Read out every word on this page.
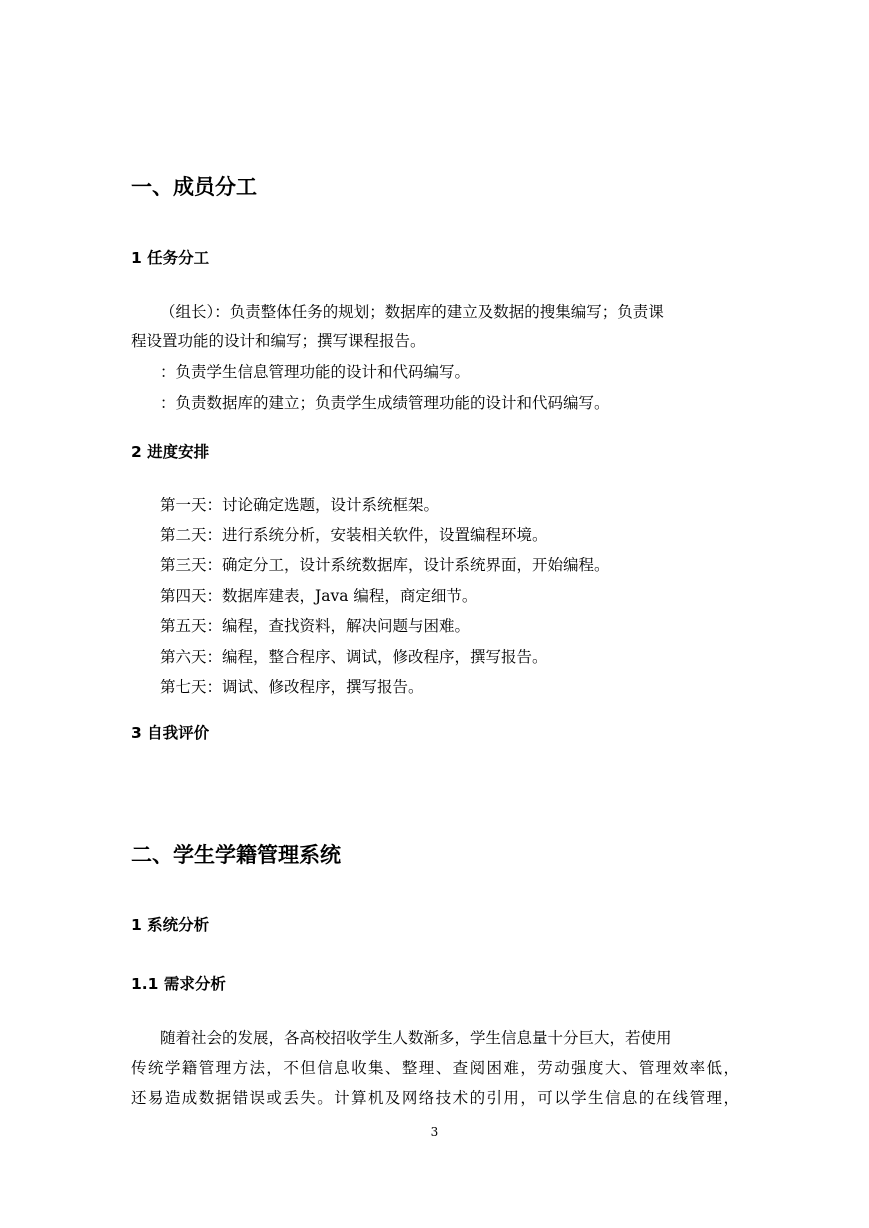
一、成员分工
1 任务分工

（组长）：负责整体任务的规划；数据库的建立及数据的搜集编写；负责课

程设置功能的设计和编写；撰写课程报告。

：负责学生信息管理功能的设计和代码编写。

：负责数据库的建立；负责学生成绩管理功能的设计和代码编写。

2 进度安排

第一天：讨论确定选题，设计系统框架。

第二天：进行系统分析，安装相关软件，设置编程环境。

第三天：确定分工，设计系统数据库，设计系统界面，开始编程。

第四天：数据库建表，Java 编程，商定细节。

第五天：编程，查找资料，解决问题与困难。

第六天：编程，整合程序、调试，修改程序，撰写报告。

第七天：调试、修改程序，撰写报告。

3 自我评价
二、学生学籍管理系统
1 系统分析
1.1 需求分析

随着社会的发展，各高校招收学生人数渐多，学生信息量十分巨大，若使用

传统学籍管理方法，不但信息收集、整理、查阅困难，劳动强度大、管理效率低，

还易造成数据错误或丢失。计算机及网络技术的引用，可以学生信息的在线管理，

3
